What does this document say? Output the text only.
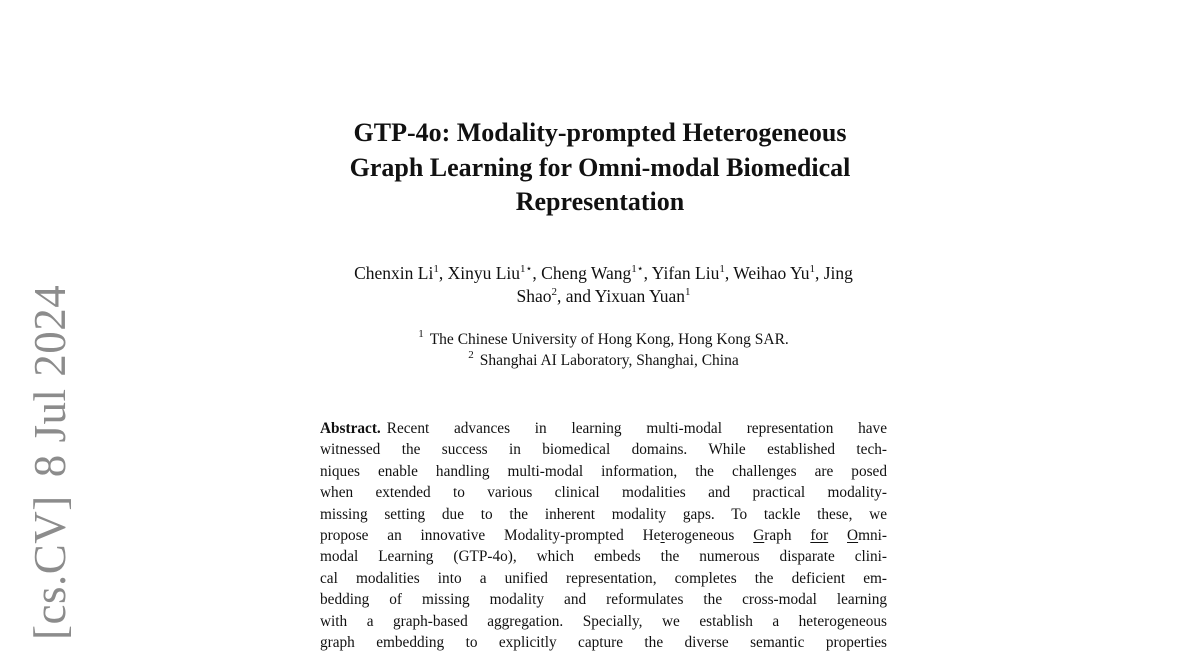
[cs.CV]8 Jul 2024
GTP-4o: Modality-prompted Heterogeneous
Graph Learning for Omni-modal Biomedical
Representation
Chenxin Li$^1$, Xinyu Liu$^{1⋆}$, Cheng Wang$^{1⋆}$, Yifan Liu$^1$, Weihao Yu$^1$, Jing
Shao$^2$, and Yixuan Yuan$^1$
$^1$ The Chinese University of Hong Kong, Hong Kong SAR.
$^2$ Shanghai AI Laboratory, Shanghai, China
Abstract. Recent advances in learning multi-modal representation have
witnessed the success in biomedical domains. While established tech-
niques enable handling multi-modal information, the challenges are posed
when extended to various clinical modalities and practical modality-
missing setting due to the inherent modality gaps. To tackle these, we
propose an innovative Modality-prompted Heterogeneous Graph for Omni-
modal Learning (GTP-4o), which embeds the numerous disparate clini-
cal modalities into a unified representation, completes the deficient em-
bedding of missing modality and reformulates the cross-modal learning
with a graph-based aggregation. Specially, we establish a heterogeneous
graph embedding to explicitly capture the diverse semantic properties
